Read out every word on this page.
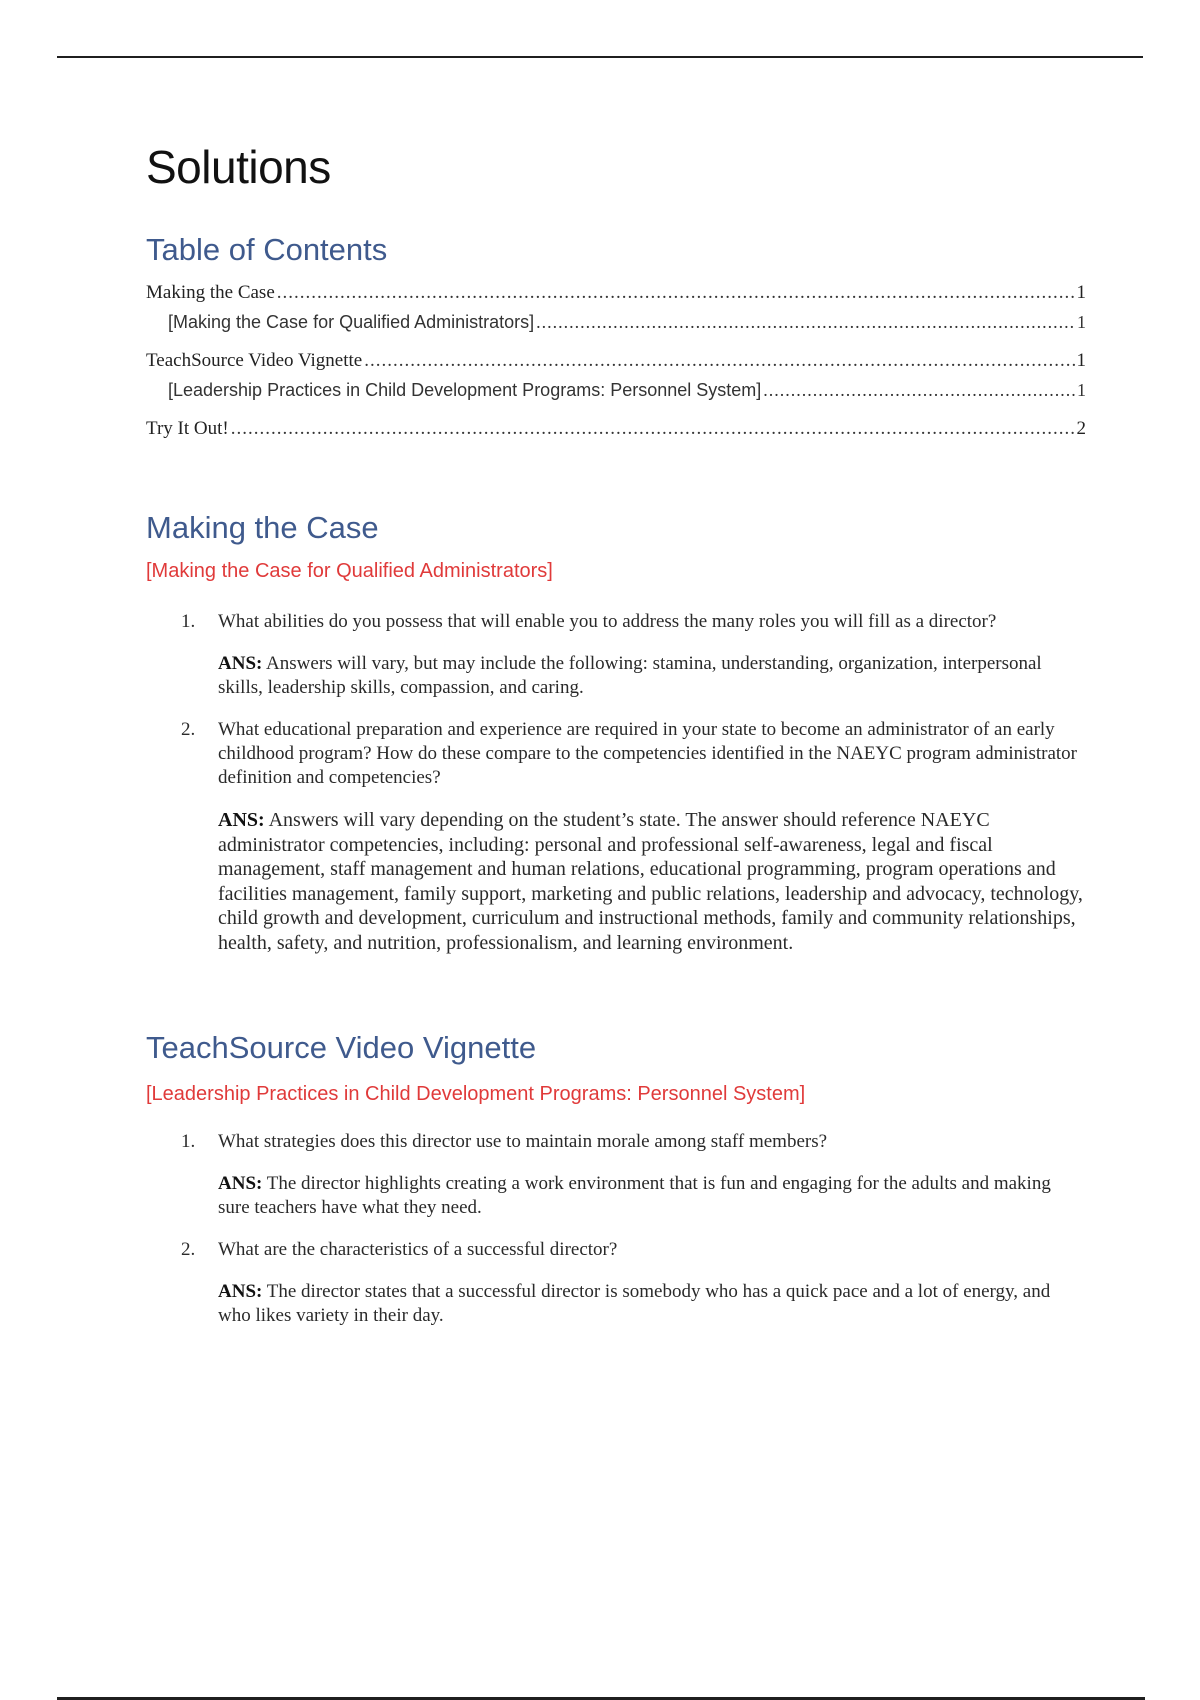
Solutions
Table of Contents
Making the Case .....	1
[Making the Case for Qualified Administrators] .....	1
TeachSource Video Vignette .....	1
[Leadership Practices in Child Development Programs: Personnel System] .....	1
Try It Out! .....	2
Making the Case
[Making the Case for Qualified Administrators]
1. What abilities do you possess that will enable you to address the many roles you will fill as a director?
ANS: Answers will vary, but may include the following: stamina, understanding, organization, interpersonal skills, leadership skills, compassion, and caring.
2. What educational preparation and experience are required in your state to become an administrator of an early childhood program? How do these compare to the competencies identified in the NAEYC program administrator definition and competencies?
ANS: Answers will vary depending on the student’s state. The answer should reference NAEYC administrator competencies, including: personal and professional self-awareness, legal and fiscal management, staff management and human relations, educational programming, program operations and facilities management, family support, marketing and public relations, leadership and advocacy, technology, child growth and development, curriculum and instructional methods, family and community relationships, health, safety, and nutrition, professionalism, and learning environment.
TeachSource Video Vignette
[Leadership Practices in Child Development Programs: Personnel System]
1. What strategies does this director use to maintain morale among staff members?
ANS: The director highlights creating a work environment that is fun and engaging for the adults and making sure teachers have what they need.
2. What are the characteristics of a successful director?
ANS: The director states that a successful director is somebody who has a quick pace and a lot of energy, and who likes variety in their day.
